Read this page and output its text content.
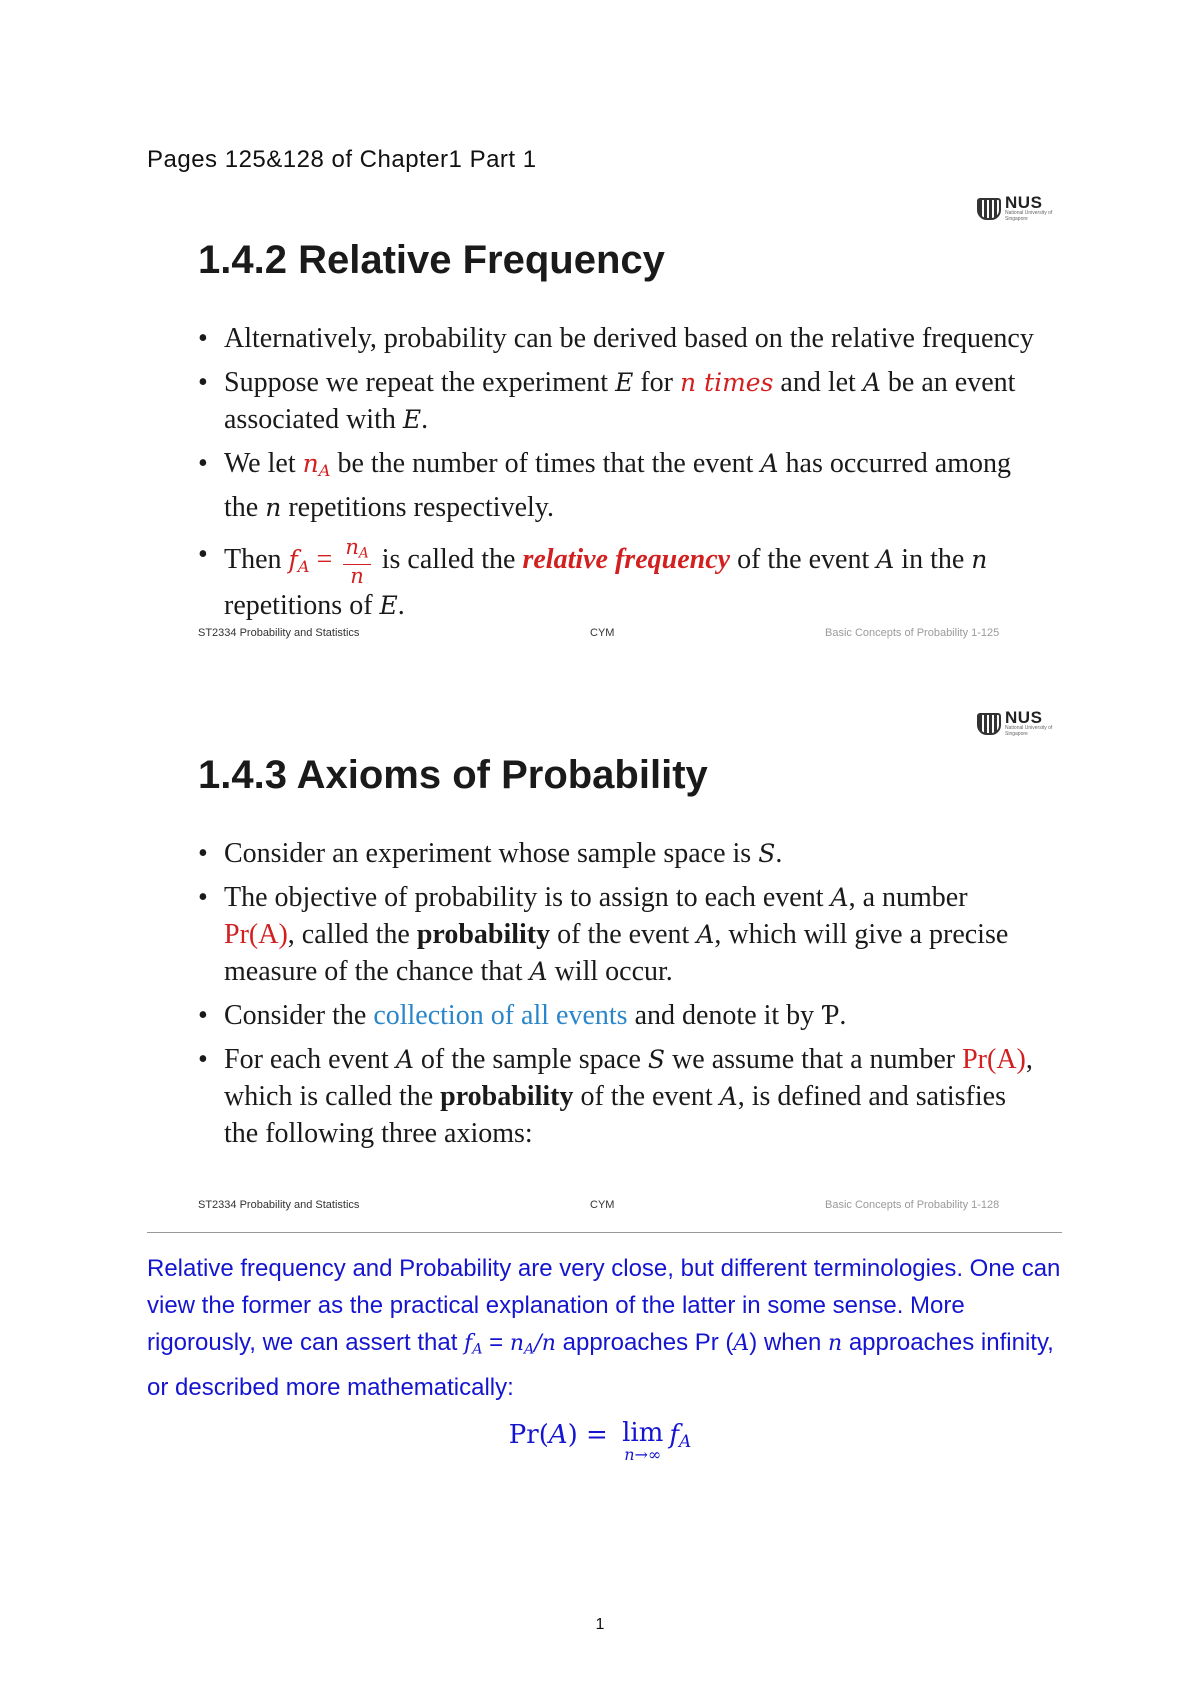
Pages 125&128 of Chapter1 Part 1
NUS
National University of Singapore
1.4.2 Relative Frequency
• Alternatively, probability can be derived based on the relative frequency
• Suppose we repeat the experiment E for n times and let A be an event associated with E.
• We let $n_A$ be the number of times that the event A has occurred among the n repetitions respectively.
• Then $f_A = \frac{n_A}{n}$ is called the relative frequency of the event A in the n repetitions of E.
ST2334 Probability and Statistics	CYM	Basic Concepts of Probability 1-125
NUS
National University of Singapore
1.4.3 Axioms of Probability
• Consider an experiment whose sample space is S.
• The objective of probability is to assign to each event A, a number Pr(A), called the probability of the event A, which will give a precise measure of the chance that A will occur.
• Consider the collection of all events and denote it by Ƥ.
• For each event A of the sample space S we assume that a number Pr(A), which is called the probability of the event A, is defined and satisfies the following three axioms:
ST2334 Probability and Statistics	CYM	Basic Concepts of Probability 1-128
Relative frequency and Probability are very close, but different terminologies. One can view the former as the practical explanation of the latter in some sense. More rigorously, we can assert that $f_A = n_A/n$ approaches Pr (A) when n approaches infinity, or described more mathematically:
Pr(A) = lim
n→∞
$f_A$
1
